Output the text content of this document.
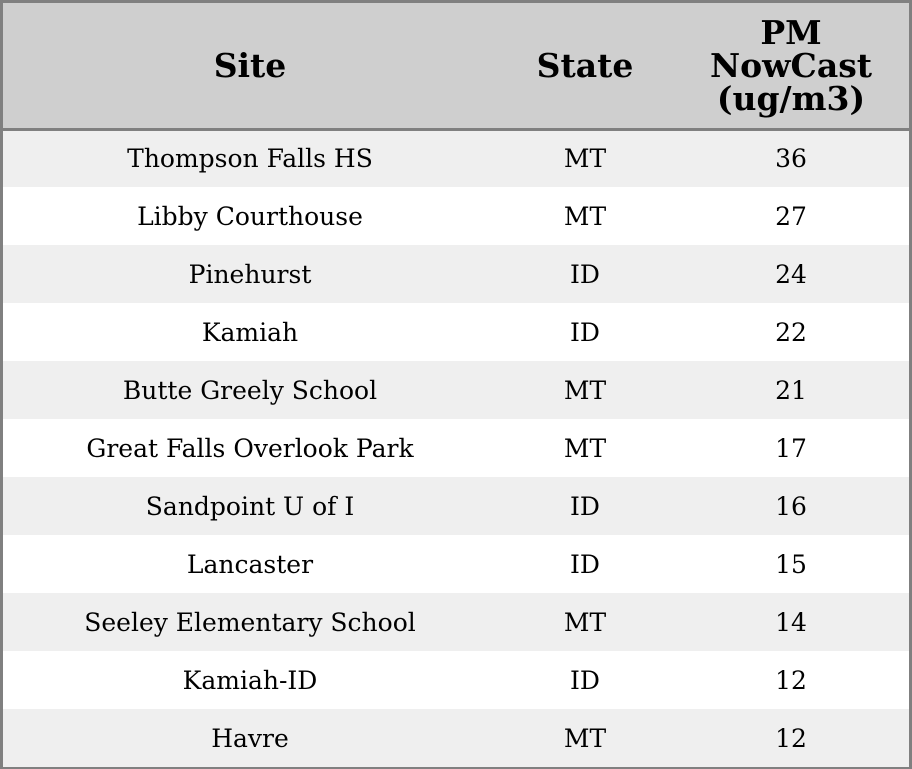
Site	State	PM
NowCast
(ug/m3)
Thompson Falls HS	MT	36
Libby Courthouse	MT	27
Pinehurst	ID	24
Kamiah	ID	22
Butte Greely School	MT	21
Great Falls Overlook Park	MT	17
Sandpoint U of I	ID	16
Lancaster	ID	15
Seeley Elementary School	MT	14
Kamiah-ID	ID	12
Havre	MT	12
